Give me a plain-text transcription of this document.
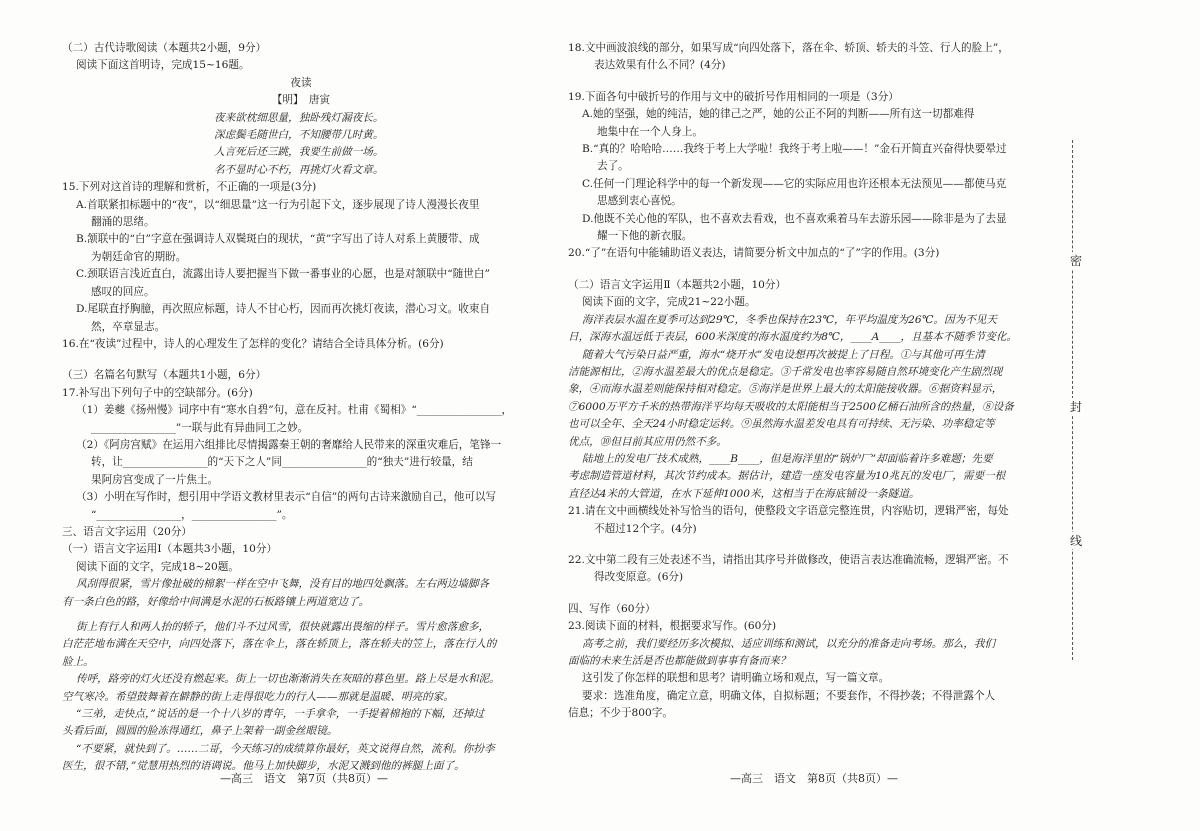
（二）古代诗歌阅读（本题共2小题，9分）

阅读下面这首明诗，完成15~16题。

夜读

【明】　唐寅

夜来欲枕细思量，独卧残灯漏夜长。

深虑鬓毛随世白，不知腰带几时黄。

人言死后还三跳，我要生前做一场。

名不显时心不朽，再挑灯火看文章。

15.下列对这首诗的理解和赏析，不正确的一项是(3分)

A.首联紧扣标题中的“夜”，以“细思量”这一行为引起下文，逐步展现了诗人漫漫长夜里

翻涌的思绪。

B.颔联中的“白”字意在强调诗人双鬓斑白的现状，“黄”字写出了诗人对系上黄腰带、成

为朝廷命官的期盼。

C.颈联语言浅近直白，流露出诗人要把握当下做一番事业的心愿，也是对颔联中“随世白”

感叹的回应。

D.尾联直抒胸臆，再次照应标题，诗人不甘心朽，因而再次挑灯夜读，潜心习文。收束自

然，卒章显志。

16.在“夜读”过程中，诗人的心理发生了怎样的变化？请结合全诗具体分析。(6分)

（三）名篇名句默写（本题共1小题，6分）

17.补写出下列句子中的空缺部分。(6分)

（1）姜夔《扬州慢》词序中有“寒水自碧”句，意在反衬。杜甫《蜀相》“________________，

________________”一联与此有异曲同工之妙。

（2）《阿房宫赋》在运用六组排比尽情揭露秦王朝的奢靡给人民带来的深重灾难后，笔锋一

转，让________________的“天下之人”同________________的“独夫”进行较量，结

果阿房宫变成了一片焦土。

（3）小明在写作时，想引用中学语文教材里表示“自信”的两句古诗来激励自己，他可以写

“________________，________________”。

三、语言文字运用（20分）

（一）语言文字运用Ⅰ（本题共3小题，10分）

阅读下面的文字，完成18~20题。

风刮得很紧，雪片像扯破的棉絮一样在空中飞舞，没有目的地四处飘落。左右两边墙脚各

有一条白色的路，好像给中间满是水泥的石板路镶上两道宽边了。

街上有行人和两人抬的轿子，他们斗不过风雪，很快就露出畏缩的样子。雪片愈落愈多，

白茫茫地布满在天空中，向四处落下，落在伞上，落在轿顶上，落在轿夫的笠上，落在行人的

脸上。

传呼，路旁的灯火还没有燃起来。街上一切也渐渐消失在灰暗的暮色里。路上尽是水和泥。

空气寒冷。希望鼓舞着在僻静的街上走得很吃力的行人——那就是温暖、明亮的家。

“三弟，走快点，”说话的是一个十八岁的青年，一手拿伞，一手提着棉袍的下幅，还掉过

头看后面，圆圆的脸冻得通红，鼻子上架着一副金丝眼镜。

“不要紧，就快到了。……二哥，今天练习的成绩算你最好，英文说得自然，流利。你扮李

医生，很不错，”觉慧用热烈的语调说。他马上加快脚步，水泥又溅到他的裤腿上面了。

18.文中画波浪线的部分，如果写成“向四处落下，落在伞、轿顶、轿夫的斗笠、行人的脸上”，

表达效果有什么不同？(4分)

19.下面各句中破折号的作用与文中的破折号作用相同的一项是（3分）

A.她的坚强，她的纯洁，她的律己之严，她的公正不阿的判断——所有这一切都难得

地集中在一个人身上。

B.“真的？哈哈哈……我终于考上大学啦！我终于考上啦——！”金石开简直兴奋得快要晕过

去了。

C.任何一门理论科学中的每一个新发现——它的实际应用也许还根本无法预见——都使马克

思感到衷心喜悦。

D.他既不关心他的军队，也不喜欢去看戏，也不喜欢乘着马车去游乐园——除非是为了去显

耀一下他的新衣服。

20.“了”在语句中能辅助语义表达，请简要分析文中加点的“了”字的作用。(3分)

（二）语言文字运用Ⅱ（本题共2小题，10分）

阅读下面的文字，完成21~22小题。

海洋表层水温在夏季可达到29℃，冬季也保持在23℃，年平均温度为26℃。因为不见天

日，深海水温远低于表层，600米深度的海水温度约为8℃，____A____，且基本不随季节变化。

随着大气污染日益严重，海水“烧开水”发电设想再次被提上了日程。①与其他可再生清

洁能源相比，②海水温差最大的优点是稳定。③千常发电也率容易随自然环境变化产生剧烈现

象，④而海水温差则能保持相对稳定。⑤海洋是世界上最大的太阳能接收器。⑥据资料显示，

⑦6000万平方千米的热带海洋平均每天吸收的太阳能相当于2500亿桶石油所含的热量，⑧设备

也可以全年、全天24小时稳定运转。⑨虽然海水温差发电具有可持续、无污染、功率稳定等

优点，⑩但目前其应用仍然不多。

陆地上的发电厂技术成熟，____B____，但是海洋里的“锅炉厂”却面临着许多难题；先要

考虑制造管道材料，其次节约成本。据估计，建造一座发电容量为10兆瓦的发电厂，需要一根

直径达4米的大管道，在水下延伸1000米，这相当于在海底铺设一条隧道。

21.请在文中画横线处补写恰当的语句，使整段文字语意完整连贯，内容贴切，逻辑严密，每处

不超过12个字。(4分)

22.文中第二段有三处表述不当，请指出其序号并做修改，使语言表达准确流畅，逻辑严密。不

得改变原意。(6分)

四、写作（60分）

23.阅读下面的材料，根据要求写作。(60分)

高考之前，我们要经历多次模拟、适应训练和测试，以充分的准备走向考场。那么，我们

面临的未来生活是否也都能做到事事有备而来？

这引发了你怎样的联想和思考？请明确立场和观点，写一篇文章。

要求：选准角度，确定立意，明确文体，自拟标题；不要套作，不得抄袭；不得泄露个人

信息；不少于800字。

—高三　语文　第7页（共8页）—	—高三　语文　第8页（共8页）—
密
封
线
